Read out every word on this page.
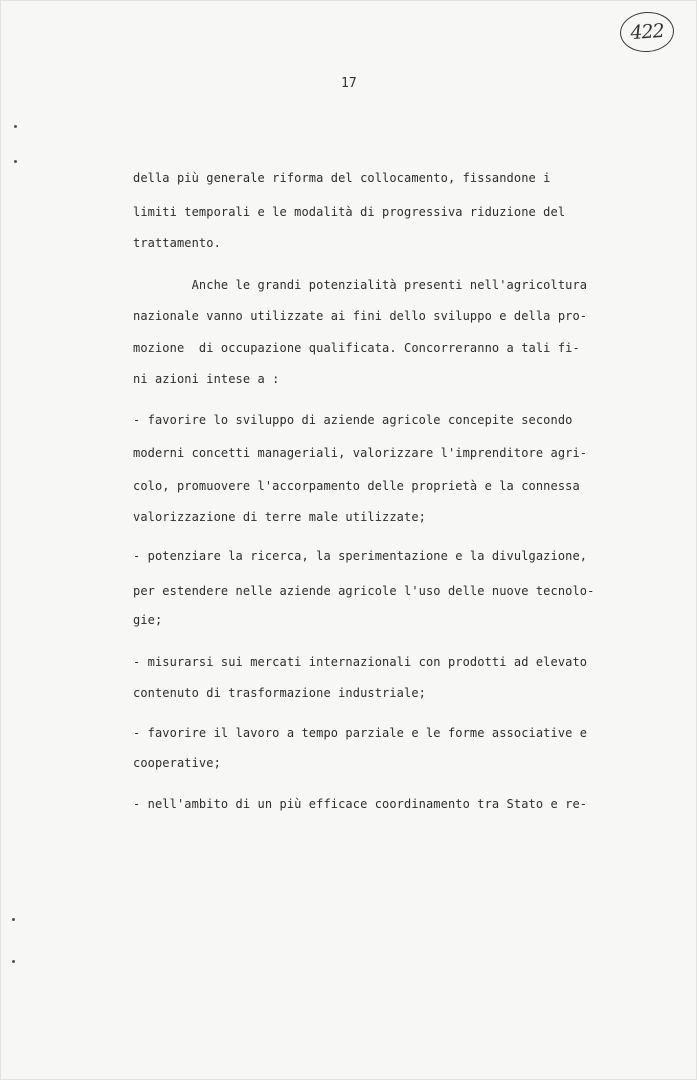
422
17
della più generale riforma del collocamento, fissandone i
limiti temporali e le modalità di progressiva riduzione del
trattamento.
Anche le grandi potenzialità presenti nell'agricoltura
nazionale vanno utilizzate ai fini dello sviluppo e della pro-
mozione  di occupazione qualificata. Concorreranno a tali fi-
ni azioni intese a :
- favorire lo sviluppo di aziende agricole concepite secondo
moderni concetti manageriali, valorizzare l'imprenditore agri-
colo, promuovere l'accorpamento delle proprietà e la connessa
valorizzazione di terre male utilizzate;
- potenziare la ricerca, la sperimentazione e la divulgazione,
per estendere nelle aziende agricole l'uso delle nuove tecnolo-
gie;
- misurarsi sui mercati internazionali con prodotti ad elevato
contenuto di trasformazione industriale;
- favorire il lavoro a tempo parziale e le forme associative e
cooperative;
- nell'ambito di un più efficace coordinamento tra Stato e re-
